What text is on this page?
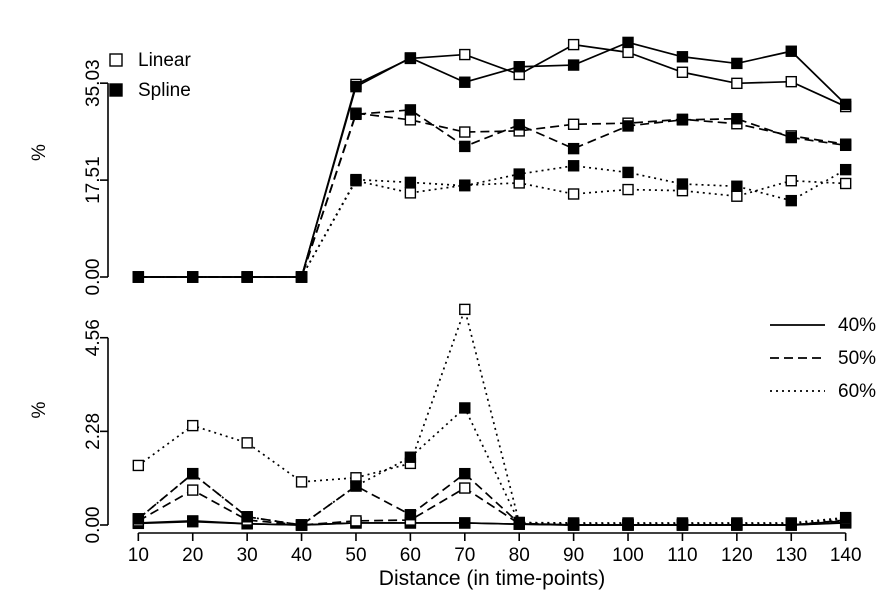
0.00
17.51
35.03
%
Linear
Spline
0.00
2.28
4.56
%
40%
50%
60%
10 20 30 40 50 60 70 80 90 100 110 120 130 140
Distance (in time-points)
